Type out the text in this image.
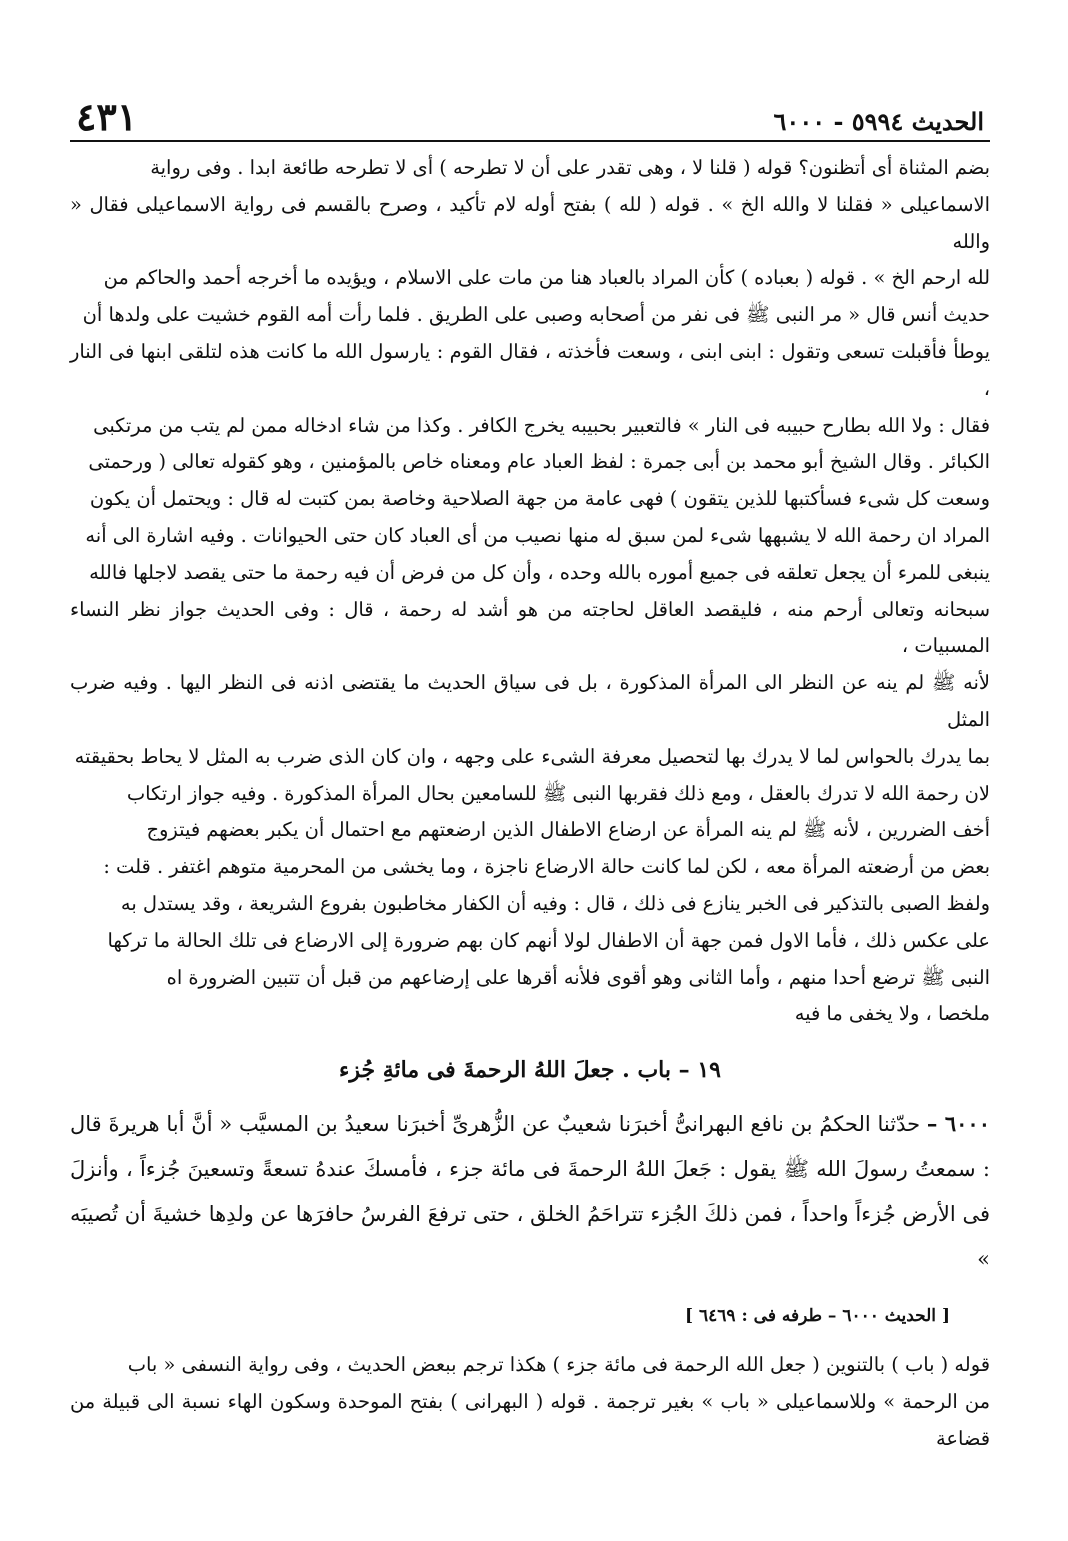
الحديث ٥٩٩٤ - ٦٠٠٠
٤٣١

بضم المثناة أى أتظنون؟ قوله ( قلنا لا ، وهى تقدر على أن لا تطرحه ) أى لا تطرحه طائعة ابدا . وفى رواية

الاسماعيلى « فقلنا لا والله الخ » . قوله ( لله ) بفتح أوله لام تأكيد ، وصرح بالقسم فى رواية الاسماعيلى فقال « والله

لله ارحم الخ » . قوله ( بعباده ) كأن المراد بالعباد هنا من مات على الاسلام ، ويؤيده ما أخرجه أحمد والحاكم من

حديث أنس قال « مر النبى ﷺ فى نفر من أصحابه وصبى على الطريق . فلما رأت أمه القوم خشيت على ولدها أن

يوطأ فأقبلت تسعى وتقول : ابنى ابنى ، وسعت فأخذته ، فقال القوم : يارسول الله ما كانت هذه لتلقى ابنها فى النار ،

فقال : ولا الله بطارح حبيبه فى النار » فالتعبير بحبيبه يخرج الكافر . وكذا من شاء ادخاله ممن لم يتب من مرتكبى

الكبائر . وقال الشيخ أبو محمد بن أبى جمرة : لفظ العباد عام ومعناه خاص بالمؤمنين ، وهو كقوله تعالى ( ورحمتى

وسعت كل شىء فسأكتبها للذين يتقون ) فهى عامة من جهة الصلاحية وخاصة بمن كتبت له قال : ويحتمل أن يكون

المراد ان رحمة الله لا يشبهها شىء لمن سبق له منها نصيب من أى العباد كان حتى الحيوانات . وفيه اشارة الى أنه

ينبغى للمرء أن يجعل تعلقه فى جميع أموره بالله وحده ، وأن كل من فرض أن فيه رحمة ما حتى يقصد لاجلها فالله

سبحانه وتعالى أرحم منه ، فليقصد العاقل لحاجته من هو أشد له رحمة ، قال : وفى الحديث جواز نظر النساء المسبيات ،

لأنه ﷺ لم ينه عن النظر الى المرأة المذكورة ، بل فى سياق الحديث ما يقتضى اذنه فى النظر اليها . وفيه ضرب المثل

بما يدرك بالحواس لما لا يدرك بها لتحصيل معرفة الشىء على وجهه ، وان كان الذى ضرب به المثل لا يحاط بحقيقته

لان رحمة الله لا تدرك بالعقل ، ومع ذلك فقربها النبى ﷺ للسامعين بحال المرأة المذكورة . وفيه جواز ارتكاب

أخف الضررين ، لأنه ﷺ لم ينه المرأة عن ارضاع الاطفال الذين ارضعتهم مع احتمال أن يكبر بعضهم فيتزوج

بعض من أرضعته المرأة معه ، لكن لما كانت حالة الارضاع ناجزة ، وما يخشى من المحرمية متوهم اغتفر . قلت :

ولفظ الصبى بالتذكير فى الخبر ينازع فى ذلك ، قال : وفيه أن الكفار مخاطبون بفروع الشريعة ، وقد يستدل به

على عكس ذلك ، فأما الاول فمن جهة أن الاطفال لولا أنهم كان بهم ضرورة إلى الارضاع فى تلك الحالة ما تركها

النبى ﷺ ترضع أحدا منهم ، وأما الثانى وهو أقوى فلأنه أقرها على إرضاعهم من قبل أن تتبين الضرورة اه

ملخصا ، ولا يخفى ما فيه

١٩ – باب . جعلَ اللهُ الرحمةَ فى مائةِ جُزء
٦٠٠٠ – حدّثنا الحكمُ بن نافع البهرانىُّ أخبرَنا شعيبٌ عن الزُّهرىِّ أخبرَنا سعيدُ بن المسيَّب « أنَّ أبا هريرةَ قال : سمعتُ رسولَ الله ﷺ يقول : جَعلَ اللهُ الرحمةَ فى مائة جزء ، فأمسكَ عندهُ تسعةً وتسعينَ جُزءاً ، وأنزلَ فى الأرض جُزءاً واحداً ، فمن ذلكَ الجُزء تتراحَمُ الخلق ، حتى ترفعَ الفرسُ حافرَها عن ولدِها خشيةَ أن تُصيبَه »
[ الحديث ٦٠٠٠ – طرفه فى : ٦٤٦٩ ]

قوله ( باب ) بالتنوين ( جعل الله الرحمة فى مائة جزء ) هكذا ترجم ببعض الحديث ، وفى رواية النسفى « باب

من الرحمة » وللاسماعيلى « باب » بغير ترجمة . قوله ( البهرانى ) بفتح الموحدة وسكون الهاء نسبة الى قبيلة من قضاعة
